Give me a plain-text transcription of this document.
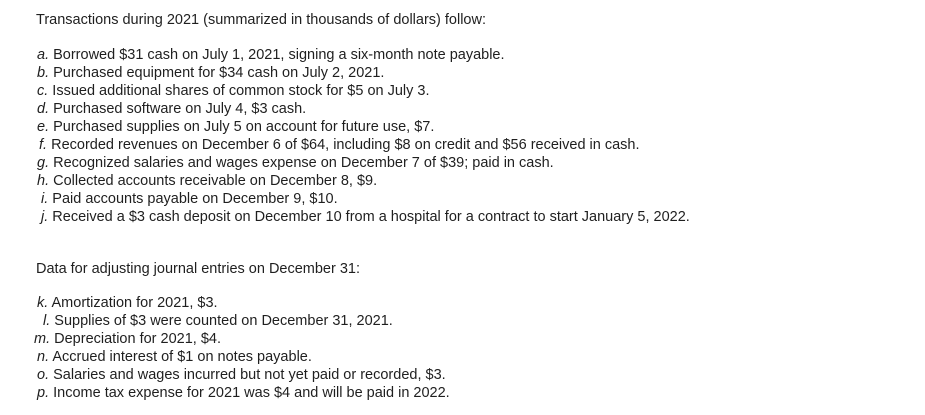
Transactions during 2021 (summarized in thousands of dollars) follow:
a. Borrowed $31 cash on July 1, 2021, signing a six-month note payable.
b. Purchased equipment for $34 cash on July 2, 2021.
c. Issued additional shares of common stock for $5 on July 3.
d. Purchased software on July 4, $3 cash.
e. Purchased supplies on July 5 on account for future use, $7.
f. Recorded revenues on December 6 of $64, including $8 on credit and $56 received in cash.
g. Recognized salaries and wages expense on December 7 of $39; paid in cash.
h. Collected accounts receivable on December 8, $9.
i. Paid accounts payable on December 9, $10.
j. Received a $3 cash deposit on December 10 from a hospital for a contract to start January 5, 2022.
Data for adjusting journal entries on December 31:
k. Amortization for 2021, $3.
l. Supplies of $3 were counted on December 31, 2021.
m. Depreciation for 2021, $4.
n. Accrued interest of $1 on notes payable.
o. Salaries and wages incurred but not yet paid or recorded, $3.
p. Income tax expense for 2021 was $4 and will be paid in 2022.
